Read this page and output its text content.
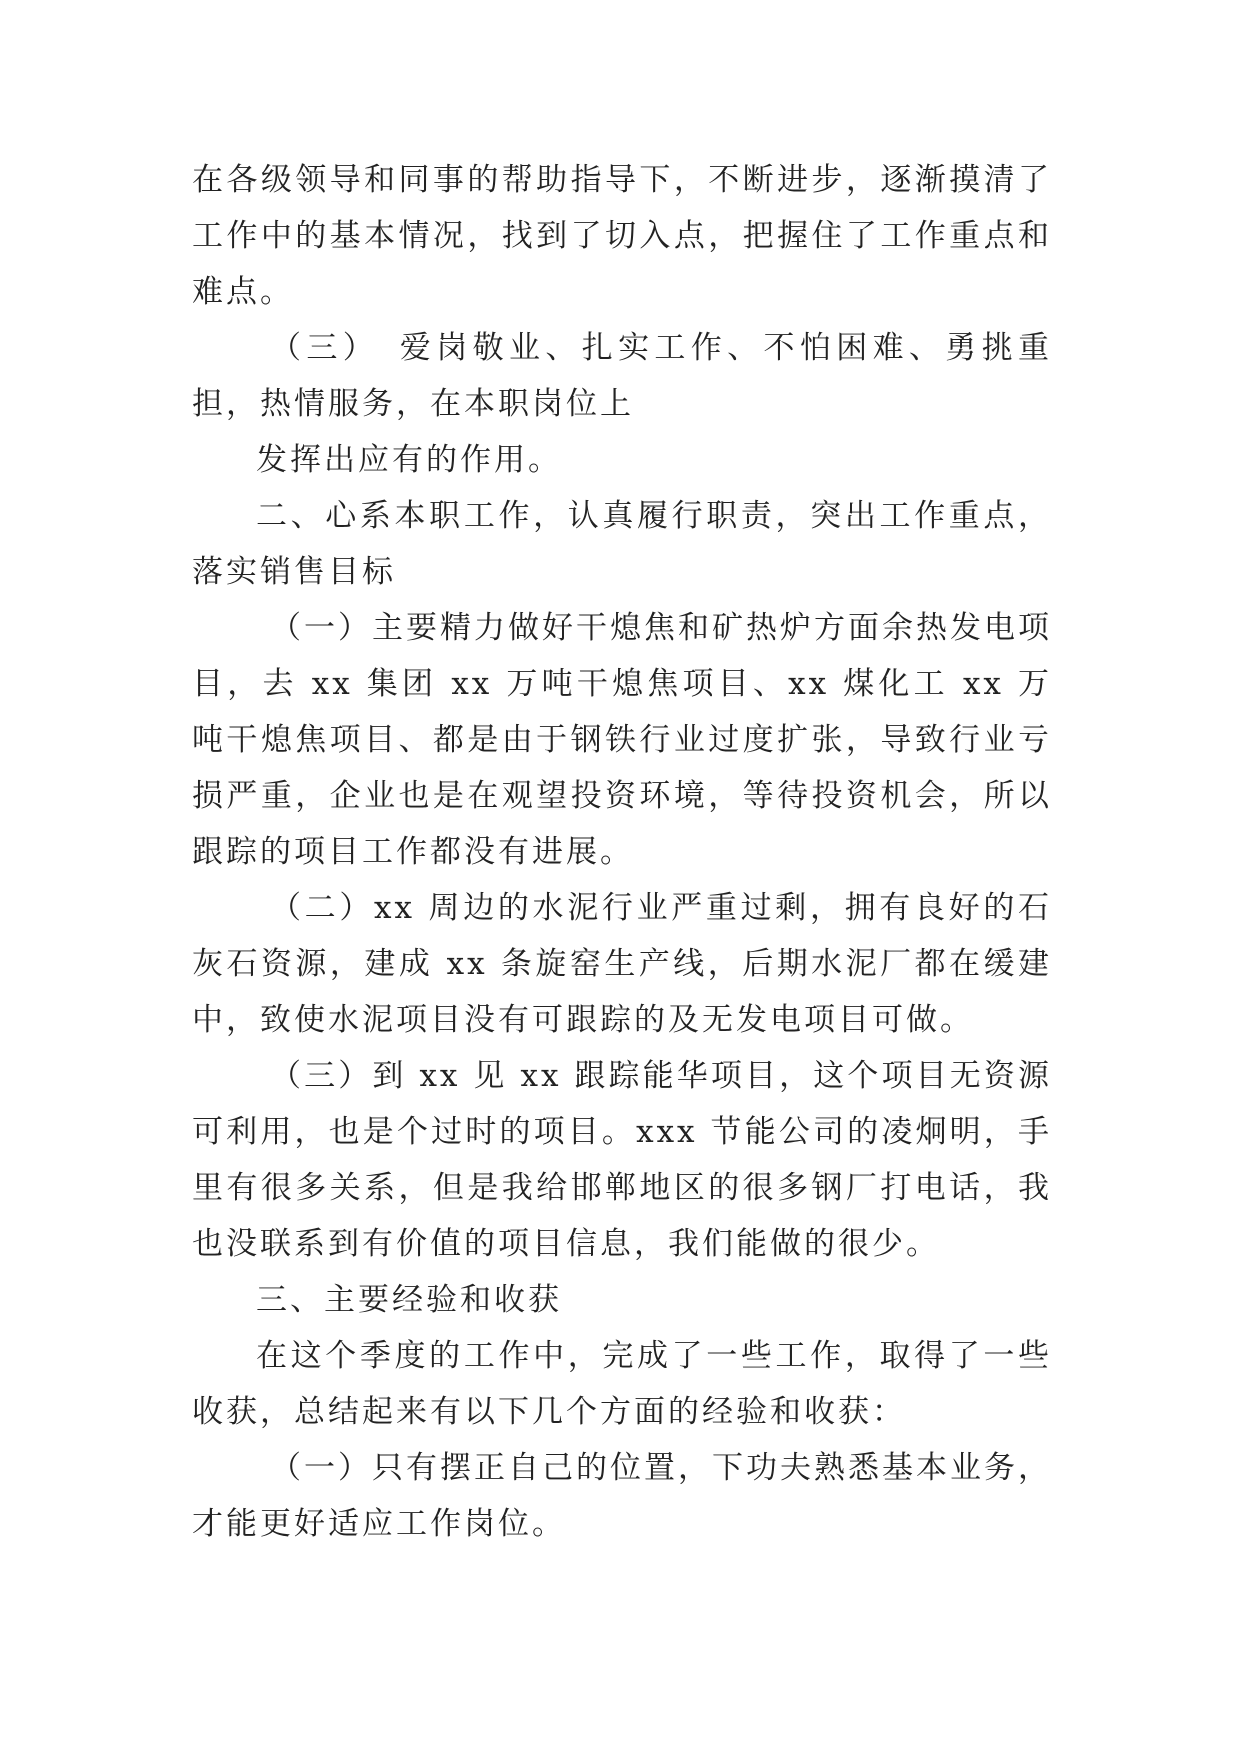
在各级领导和同事的帮助指导下，不断进步，逐渐摸清了工作中的基本情况，找到了切入点，把握住了工作重点和难点。

（三）　爱岗敬业、扎实工作、不怕困难、勇挑重担，热情服务，在本职岗位上

发挥出应有的作用。

二、心系本职工作，认真履行职责，突出工作重点，落实销售目标

（一）主要精力做好干熄焦和矿热炉方面余热发电项目，去 xx 集团 xx 万吨干熄焦项目、xx 煤化工 xx 万吨干熄焦项目、都是由于钢铁行业过度扩张，导致行业亏损严重，企业也是在观望投资环境，等待投资机会，所以跟踪的项目工作都没有进展。

（二）xx 周边的水泥行业严重过剩，拥有良好的石灰石资源，建成 xx 条旋窑生产线，后期水泥厂都在缓建中，致使水泥项目没有可跟踪的及无发电项目可做。

（三）到 xx 见 xx 跟踪能华项目，这个项目无资源可利用，也是个过时的项目。xxx 节能公司的凌炯明，手里有很多关系，但是我给邯郸地区的很多钢厂打电话，我也没联系到有价值的项目信息，我们能做的很少。

三、主要经验和收获

在这个季度的工作中，完成了一些工作，取得了一些收获，总结起来有以下几个方面的经验和收获：

（一）只有摆正自己的位置，下功夫熟悉基本业务，才能更好适应工作岗位。
